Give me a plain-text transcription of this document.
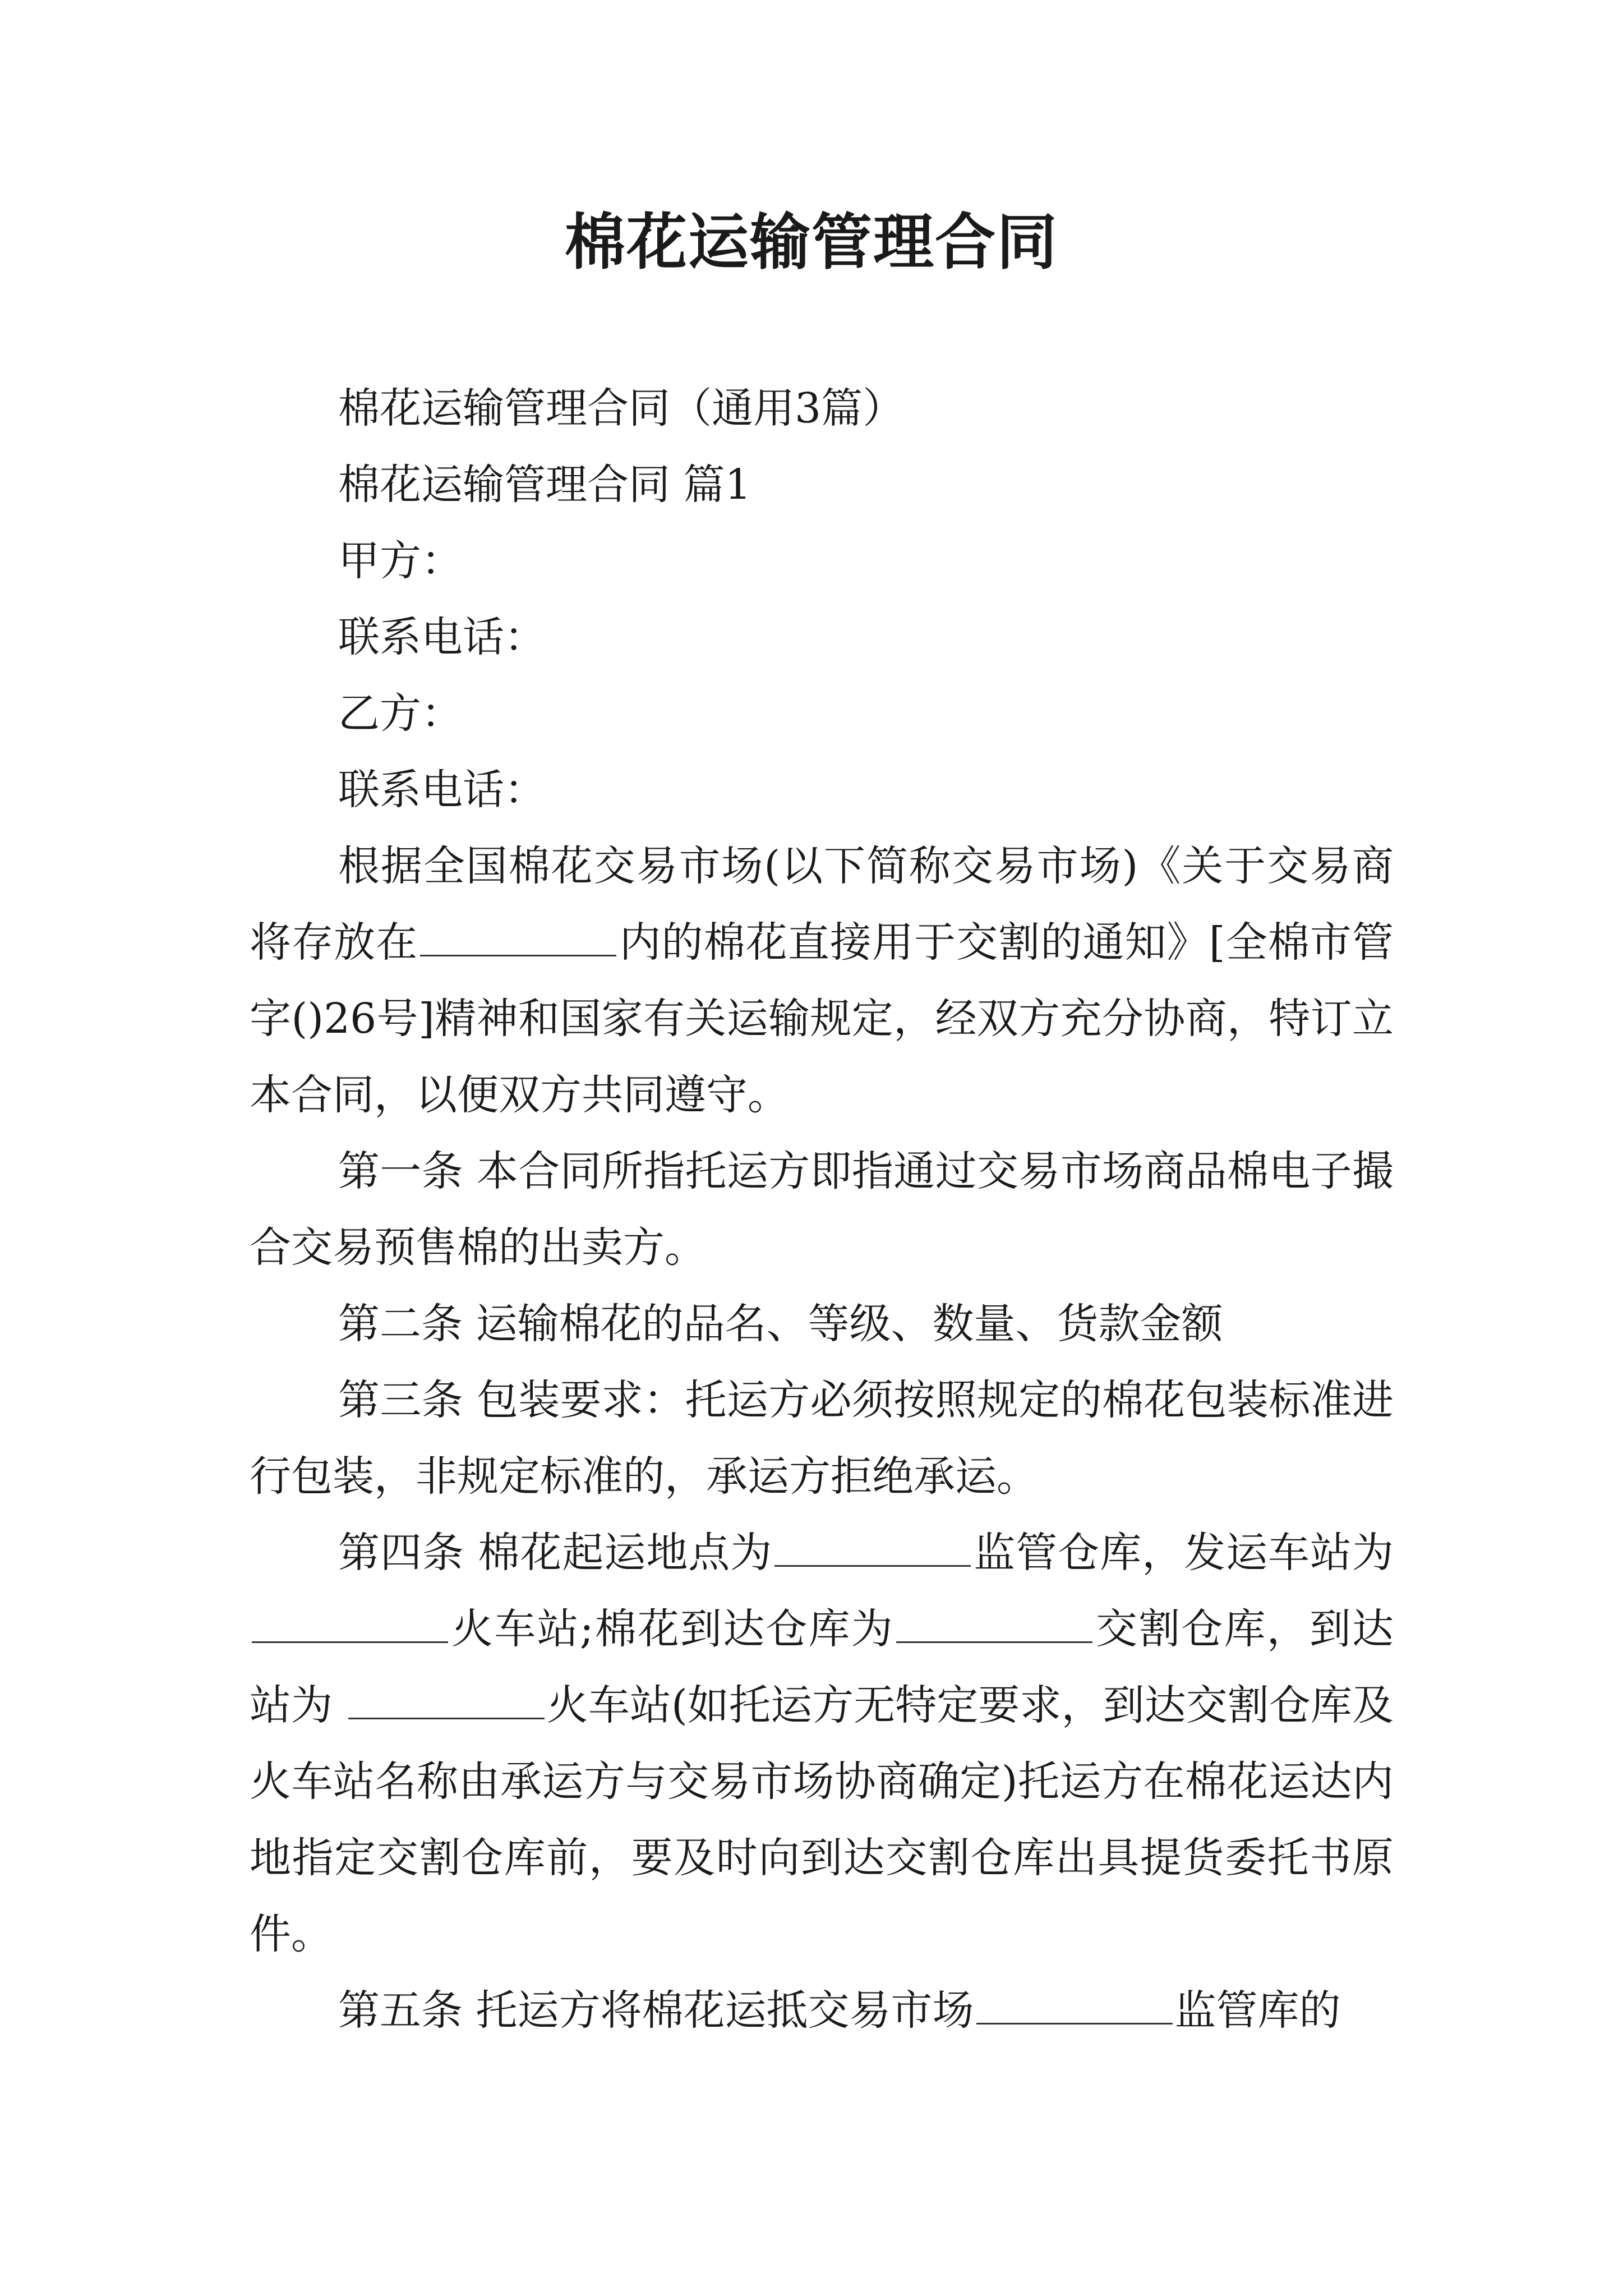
棉花运输管理合同

棉花运输管理合同（通用3篇）

棉花运输管理合同 篇1

甲方：

联系电话：

乙方：

联系电话：

根据全国棉花交易市场(以下简称交易市场)《关于交易商将存放在	内的棉花直接用于交割的通知》[全棉市管字()26号]精神和国家有关运输规定，经双方充分协商，特订立本合同，以便双方共同遵守。

第一条 本合同所指托运方即指通过交易市场商品棉电子撮合交易预售棉的出卖方。

第二条 运输棉花的品名、等级、数量、货款金额

第三条 包装要求：托运方必须按照规定的棉花包装标准进行包装，非规定标准的，承运方拒绝承运。

第四条 棉花起运地点为	监管仓库，发运车站为火车站;棉花到达仓库为	交割仓库，到达站为	火车站(如托运方无特定要求，到达交割仓库及火车站名称由承运方与交易市场协商确定)托运方在棉花运达内地指定交割仓库前，要及时向到达交割仓库出具提货委托书原件。

第五条 托运方将棉花运抵交易市场	监管库的
